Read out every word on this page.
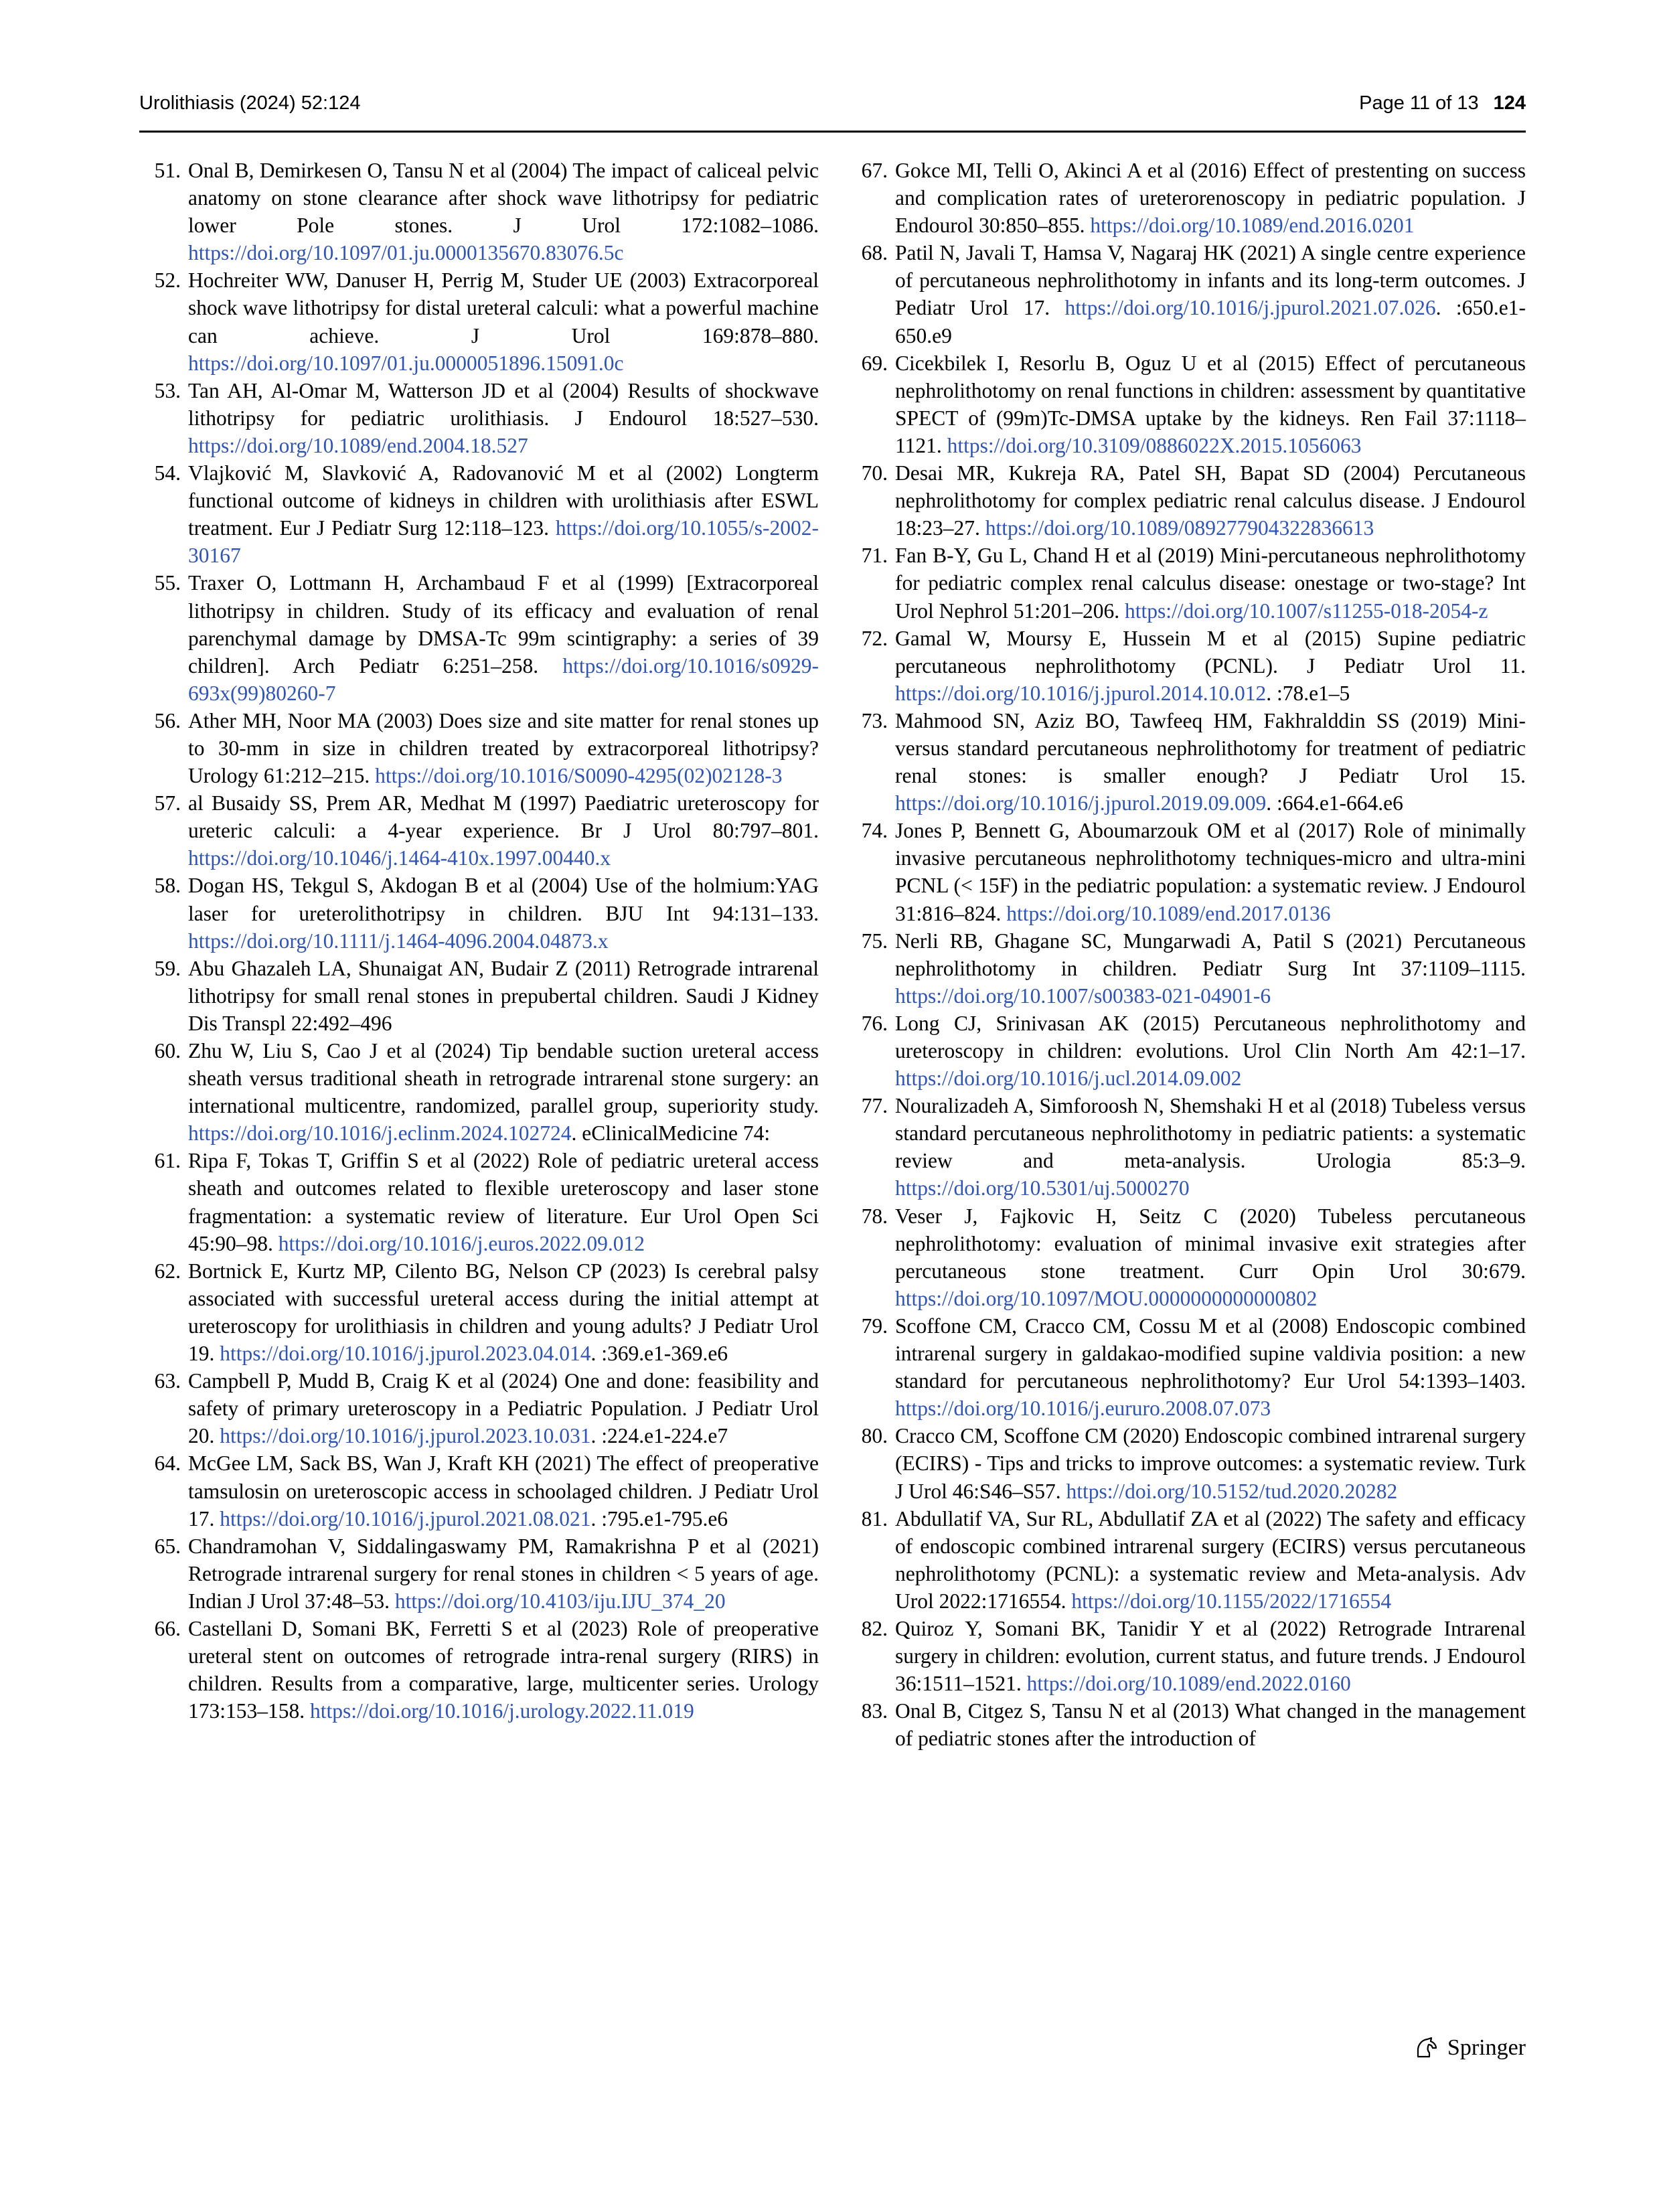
Urolithiasis (2024) 52:124	Page 11 of 13 124
51. Onal B, Demirkesen O, Tansu N et al (2004) The impact of calicеal pelvic anatomy on stone clearance after shock wave lithotripsy for pediatric lower Pole stones. J Urol 172:1082–1086. https://doi.org/10.1097/01.ju.0000135670.83076.5c
52. Hochreiter WW, Danuser H, Perrig M, Studer UE (2003) Extracorporeal shock wave lithotripsy for distal ureteral calculi: what a powerful machine can achieve. J Urol 169:878–880. https://doi.org/10.1097/01.ju.0000051896.15091.0c
53. Tan AH, Al-Omar M, Watterson JD et al (2004) Results of shockwave lithotripsy for pediatric urolithiasis. J Endourol 18:527–530. https://doi.org/10.1089/end.2004.18.527
54. Vlajković M, Slavković A, Radovanović M et al (2002) Longterm functional outcome of kidneys in children with urolithiasis after ESWL treatment. Eur J Pediatr Surg 12:118–123. https://doi.org/10.1055/s-2002-30167
55. Traxer O, Lottmann H, Archambaud F et al (1999) [Extracorporeal lithotripsy in children. Study of its efficacy and evaluation of renal parenchymal damage by DMSA-Tc 99m scintigraphy: a series of 39 children]. Arch Pediatr 6:251–258. https://doi.org/10.1016/s0929-693x(99)80260-7
56. Ather MH, Noor MA (2003) Does size and site matter for renal stones up to 30-mm in size in children treated by extracorporeal lithotripsy? Urology 61:212–215. https://doi.org/10.1016/S0090-4295(02)02128-3
57. al Busaidy SS, Prem AR, Medhat M (1997) Paediatric ureteroscopy for ureteric calculi: a 4-year experience. Br J Urol 80:797–801. https://doi.org/10.1046/j.1464-410x.1997.00440.x
58. Dogan HS, Tekgul S, Akdogan B et al (2004) Use of the holmium:YAG laser for ureterolithotripsy in children. BJU Int 94:131–133. https://doi.org/10.1111/j.1464-4096.2004.04873.x
59. Abu Ghazaleh LA, Shunaigat AN, Budair Z (2011) Retrograde intrarenal lithotripsy for small renal stones in prepubertal children. Saudi J Kidney Dis Transpl 22:492–496
60. Zhu W, Liu S, Cao J et al (2024) Tip bendable suction ureteral access sheath versus traditional sheath in retrograde intrarenal stone surgery: an international multicentre, randomized, parallel group, superiority study. https://doi.org/10.1016/j.eclinm.2024.102724. eClinicalMedicine 74:
61. Ripa F, Tokas T, Griffin S et al (2022) Role of pediatric ureteral access sheath and outcomes related to flexible ureteroscopy and laser stone fragmentation: a systematic review of literature. Eur Urol Open Sci 45:90–98. https://doi.org/10.1016/j.euros.2022.09.012
62. Bortnick E, Kurtz MP, Cilento BG, Nelson CP (2023) Is cerebral palsy associated with successful ureteral access during the initial attempt at ureteroscopy for urolithiasis in children and young adults? J Pediatr Urol 19. https://doi.org/10.1016/j.jpurol.2023.04.014. :369.e1-369.e6
63. Campbell P, Mudd B, Craig K et al (2024) One and done: feasibility and safety of primary ureteroscopy in a Pediatric Population. J Pediatr Urol 20. https://doi.org/10.1016/j.jpurol.2023.10.031. :224.e1-224.e7
64. McGee LM, Sack BS, Wan J, Kraft KH (2021) The effect of preoperative tamsulosin on ureteroscopic access in schoolaged children. J Pediatr Urol 17. https://doi.org/10.1016/j.jpurol.2021.08.021. :795.e1-795.e6
65. Chandramohan V, Siddalingaswamy PM, Ramakrishna P et al (2021) Retrograde intrarenal surgery for renal stones in children < 5 years of age. Indian J Urol 37:48–53. https://doi.org/10.4103/iju.IJU_374_20
66. Castellani D, Somani BK, Ferretti S et al (2023) Role of preoperative ureteral stent on outcomes of retrograde intra-renal surgery (RIRS) in children. Results from a comparative, large, multicenter series. Urology 173:153–158. https://doi.org/10.1016/j.urology.2022.11.019
67. Gokce MI, Telli O, Akinci A et al (2016) Effect of prestenting on success and complication rates of ureterorenoscopy in pediatric population. J Endourol 30:850–855. https://doi.org/10.1089/end.2016.0201
68. Patil N, Javali T, Hamsa V, Nagaraj HK (2021) A single centre experience of percutaneous nephrolithotomy in infants and its long-term outcomes. J Pediatr Urol 17. https://doi.org/10.1016/j.jpurol.2021.07.026. :650.e1-650.e9
69. Cicekbilek I, Resorlu B, Oguz U et al (2015) Effect of percutaneous nephrolithotomy on renal functions in children: assessment by quantitative SPECT of (99m)Tc-DMSA uptake by the kidneys. Ren Fail 37:1118–1121. https://doi.org/10.3109/0886022X.2015.1056063
70. Desai MR, Kukreja RA, Patel SH, Bapat SD (2004) Percutaneous nephrolithotomy for complex pediatric renal calculus disease. J Endourol 18:23–27. https://doi.org/10.1089/089277904322836613
71. Fan B-Y, Gu L, Chand H et al (2019) Mini-percutaneous nephrolithotomy for pediatric complex renal calculus disease: onestage or two-stage? Int Urol Nephrol 51:201–206. https://doi.org/10.1007/s11255-018-2054-z
72. Gamal W, Moursy E, Hussein M et al (2015) Supine pediatric percutaneous nephrolithotomy (PCNL). J Pediatr Urol 11. https://doi.org/10.1016/j.jpurol.2014.10.012. :78.e1–5
73. Mahmood SN, Aziz BO, Tawfeeq HM, Fakhralddin SS (2019) Mini- versus standard percutaneous nephrolithotomy for treatment of pediatric renal stones: is smaller enough? J Pediatr Urol 15. https://doi.org/10.1016/j.jpurol.2019.09.009. :664.e1-664.e6
74. Jones P, Bennett G, Aboumarzouk OM et al (2017) Role of minimally invasive percutaneous nephrolithotomy techniques-micro and ultra-mini PCNL (< 15F) in the pediatric population: a systematic review. J Endourol 31:816–824. https://doi.org/10.1089/end.2017.0136
75. Nerli RB, Ghagane SC, Mungarwadi A, Patil S (2021) Percutaneous nephrolithotomy in children. Pediatr Surg Int 37:1109–1115. https://doi.org/10.1007/s00383-021-04901-6
76. Long CJ, Srinivasan AK (2015) Percutaneous nephrolithotomy and ureteroscopy in children: evolutions. Urol Clin North Am 42:1–17. https://doi.org/10.1016/j.ucl.2014.09.002
77. Nouralizadeh A, Simforoosh N, Shemshaki H et al (2018) Tubeless versus standard percutaneous nephrolithotomy in pediatric patients: a systematic review and meta-analysis. Urologia 85:3–9. https://doi.org/10.5301/uj.5000270
78. Veser J, Fajkovic H, Seitz C (2020) Tubeless percutaneous nephrolithotomy: evaluation of minimal invasive exit strategies after percutaneous stone treatment. Curr Opin Urol 30:679. https://doi.org/10.1097/MOU.0000000000000802
79. Scoffone CM, Cracco CM, Cossu M et al (2008) Endoscopic combined intrarenal surgery in galdakao-modified supine valdivia position: a new standard for percutaneous nephrolithotomy? Eur Urol 54:1393–1403. https://doi.org/10.1016/j.eururo.2008.07.073
80. Cracco CM, Scoffone CM (2020) Endoscopic combined intrarenal surgery (ECIRS) - Tips and tricks to improve outcomes: a systematic review. Turk J Urol 46:S46–S57. https://doi.org/10.5152/tud.2020.20282
81. Abdullatif VA, Sur RL, Abdullatif ZA et al (2022) The safety and efficacy of endoscopic combined intrarenal surgery (ECIRS) versus percutaneous nephrolithotomy (PCNL): a systematic review and Meta-analysis. Adv Urol 2022:1716554. https://doi.org/10.1155/2022/1716554
82. Quiroz Y, Somani BK, Tanidir Y et al (2022) Retrograde Intrarenal surgery in children: evolution, current status, and future trends. J Endourol 36:1511–1521. https://doi.org/10.1089/end.2022.0160
83. Onal B, Citgez S, Tansu N et al (2013) What changed in the management of pediatric stones after the introduction of
Springer
